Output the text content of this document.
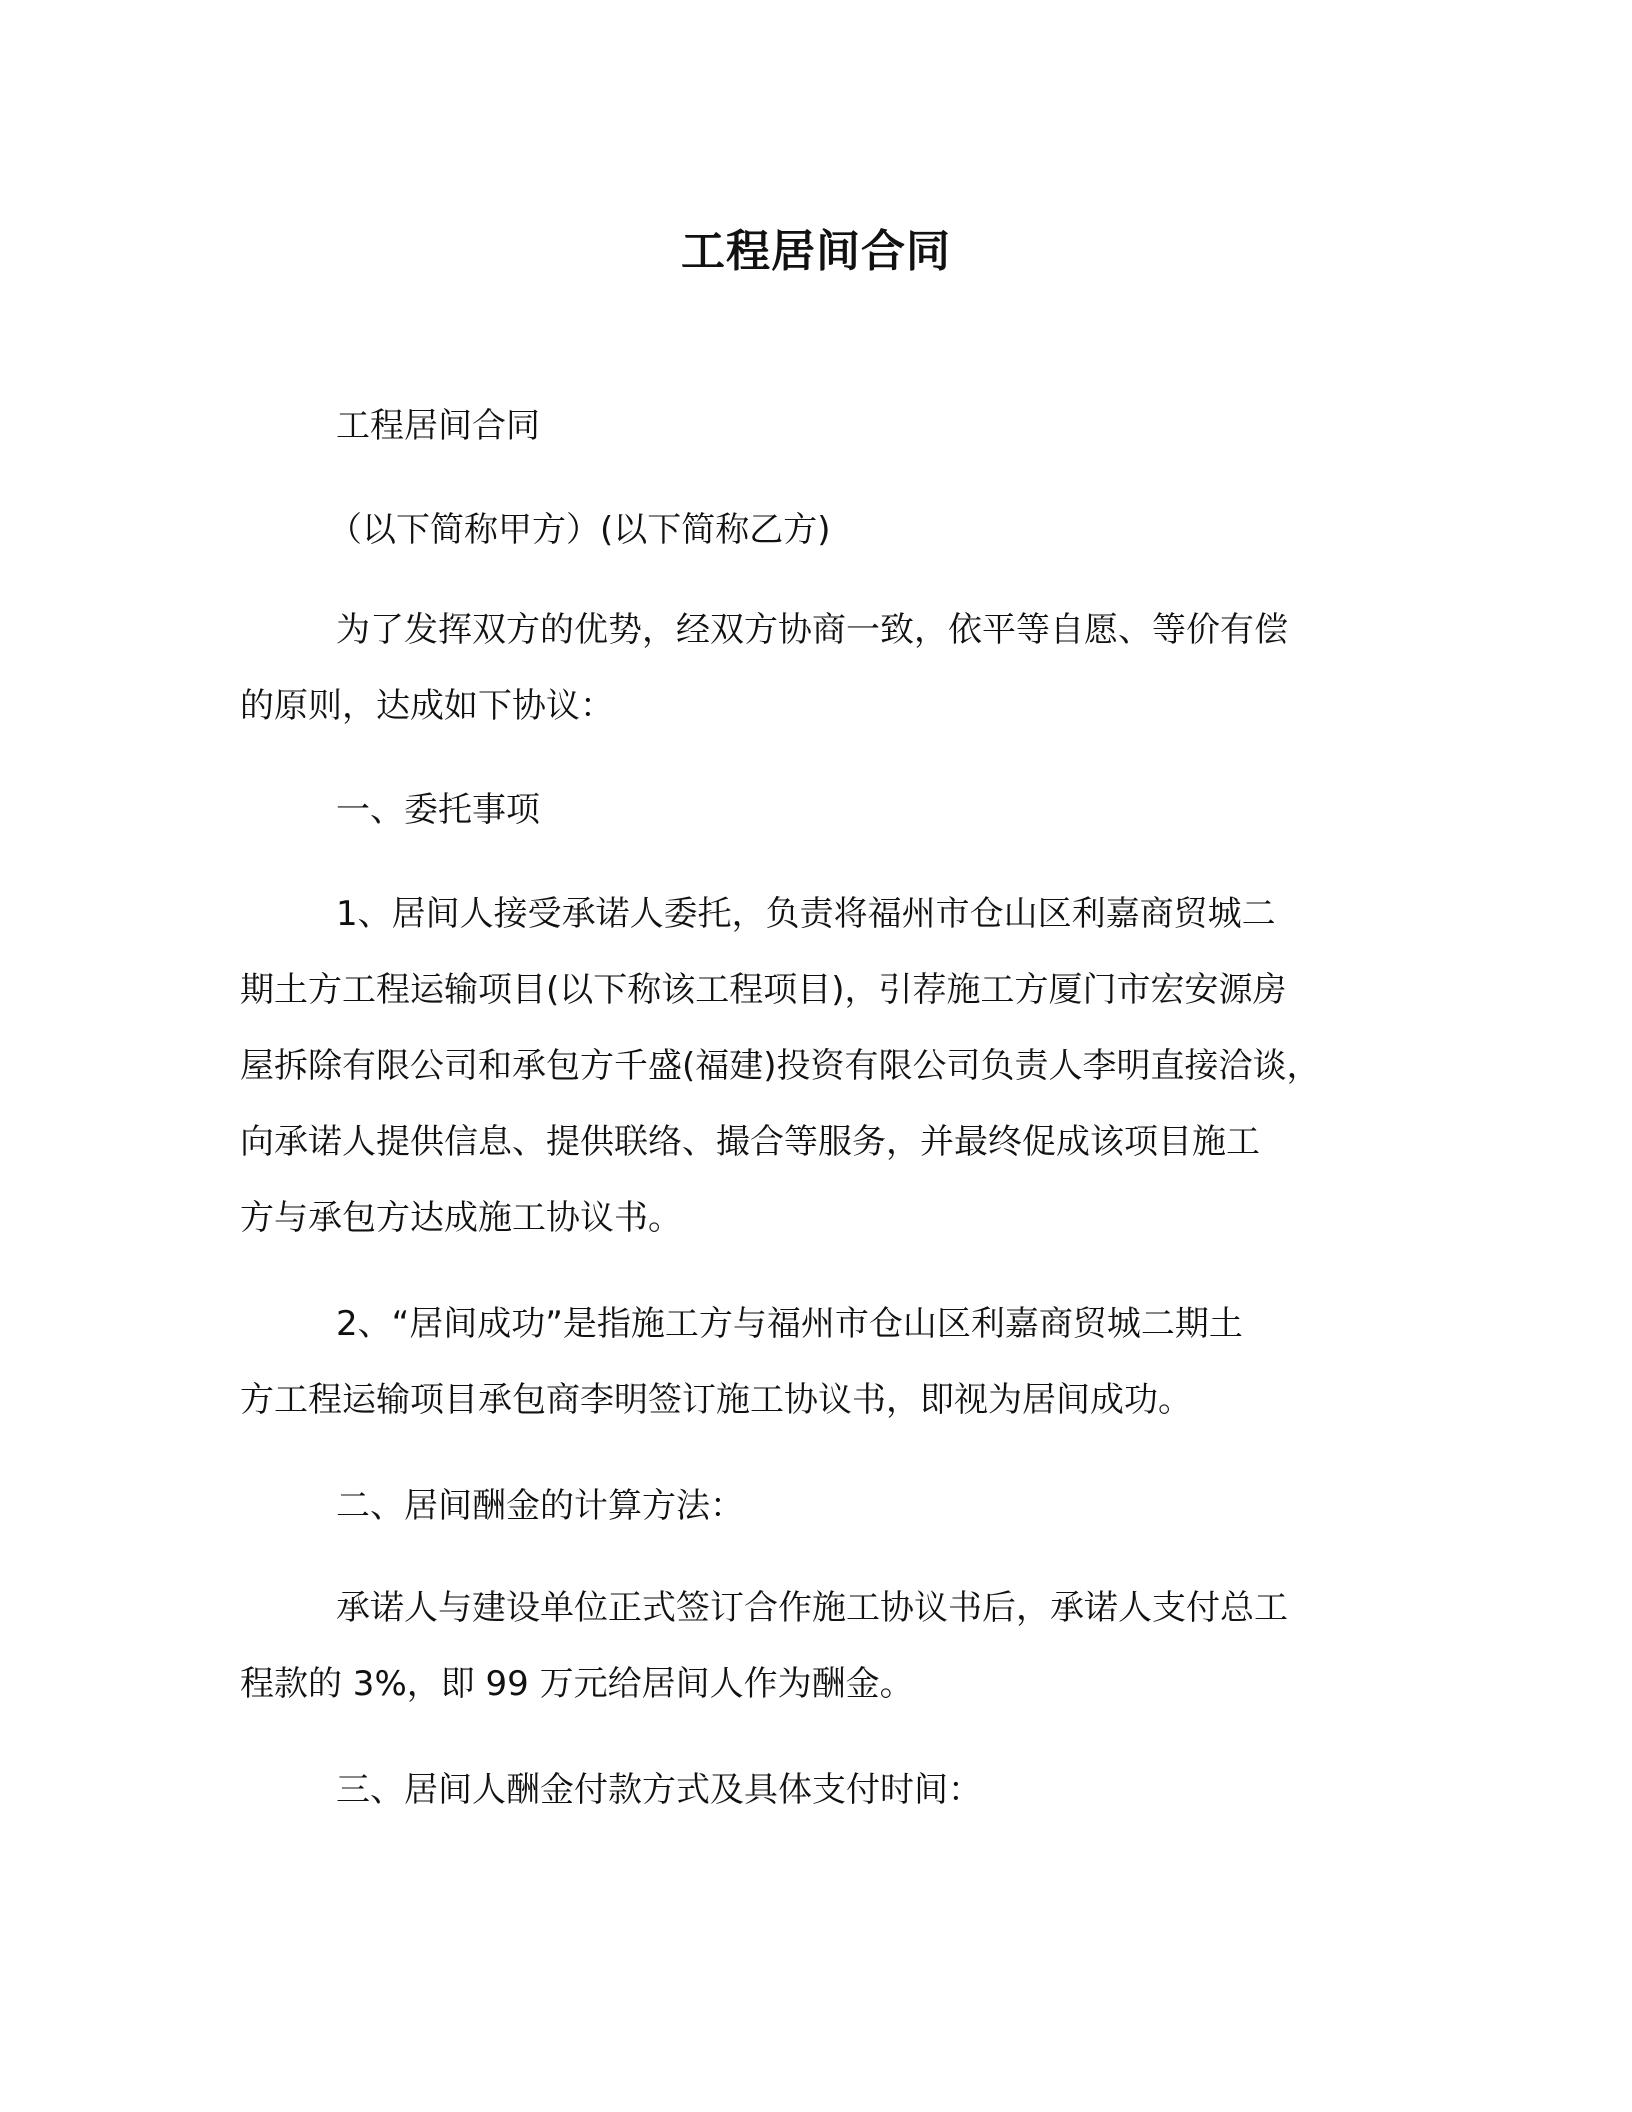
工程居间合同
工程居间合同
（以下简称甲方）(以下简称乙方)
为了发挥双方的优势，经双方协商一致，依平等自愿、等价有偿
的原则，达成如下协议：
一、委托事项
1、居间人接受承诺人委托，负责将福州市仓山区利嘉商贸城二
期土方工程运输项目(以下称该工程项目)，引荐施工方厦门市宏安源房
屋拆除有限公司和承包方千盛(福建)投资有限公司负责人李明直接洽谈，
向承诺人提供信息、提供联络、撮合等服务，并最终促成该项目施工
方与承包方达成施工协议书。
2、“居间成功”是指施工方与福州市仓山区利嘉商贸城二期土
方工程运输项目承包商李明签订施工协议书，即视为居间成功。
二、居间酬金的计算方法：
承诺人与建设单位正式签订合作施工协议书后，承诺人支付总工
程款的 3%，即 99 万元给居间人作为酬金。
三、居间人酬金付款方式及具体支付时间：
